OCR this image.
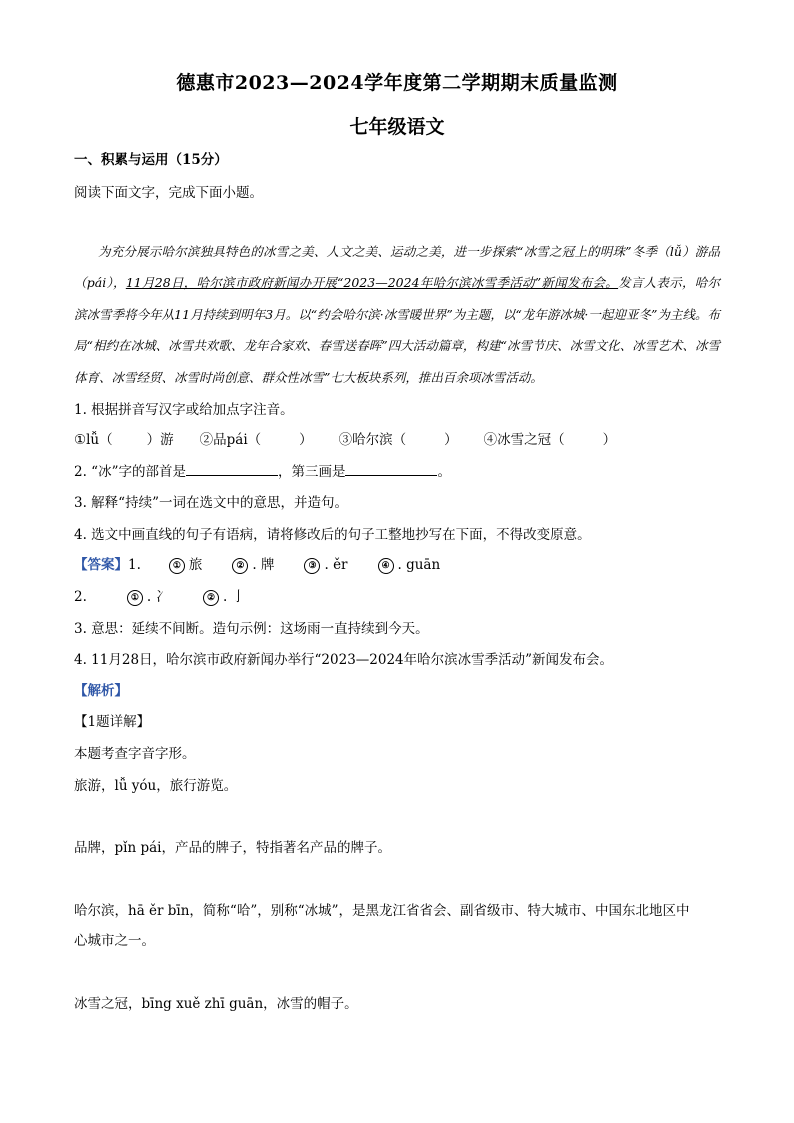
德惠市2023—2024学年度第二学期期末质量监测
七年级语文
一、积累与运用（15分）
阅读下面文字，完成下面小题。
为充分展示哈尔滨独具特色的冰雪之美、人文之美、运动之美，进一步探索“冰雪之冠上的明珠”冬季（lǚ）游品（pái），11月28日，哈尔滨市政府新闻办开展“2023—2024年哈尔滨冰雪季活动”新闻发布会。发言人表示，哈尔滨冰雪季将今年从11月持续到明年3月。以“约会哈尔滨·冰雪暖世界”为主题，以“龙年游冰城·一起迎亚冬”为主线。布局“相约在冰城、冰雪共欢歌、龙年合家欢、春雪送春晖”四大活动篇章，构建“冰雪节庆、冰雪文化、冰雪艺术、冰雪体育、冰雪经贸、冰雪时尚创意、群众性冰雪”七大板块系列，推出百余项冰雪活动。
1. 根据拼音写汉字或给加点字注音。
①lǚ（	）游 ②品pái（	） ③哈尔滨（	） ④冰雪之冠（	）
2. “冰”字的部首是	，第三画是	。
3. 解释“持续”一词在选文中的意思，并造句。
4. 选文中画直线的句子有语病，请将修改后的句子工整地抄写在下面，不得改变原意。
【答案】1.	① 旅	② . 牌	③ . ěr	④ . guān
2.	① . 冫	② . 亅
3. 意思：延续不间断。造句示例：这场雨一直持续到今天。
4. 11月28日，哈尔滨市政府新闻办举行“2023—2024年哈尔滨冰雪季活动”新闻发布会。
【解析】
【1题详解】
本题考查字音字形。
旅游，lǚ yóu，旅行游览。
品牌，pǐn pái，产品的牌子，特指著名产品的牌子。
哈尔滨，hā ěr bīn，简称“哈”，别称“冰城”，是黑龙江省省会、副省级市、特大城市、中国东北地区中
心城市之一。
冰雪之冠，bīng xuě zhī guān，冰雪的帽子。
